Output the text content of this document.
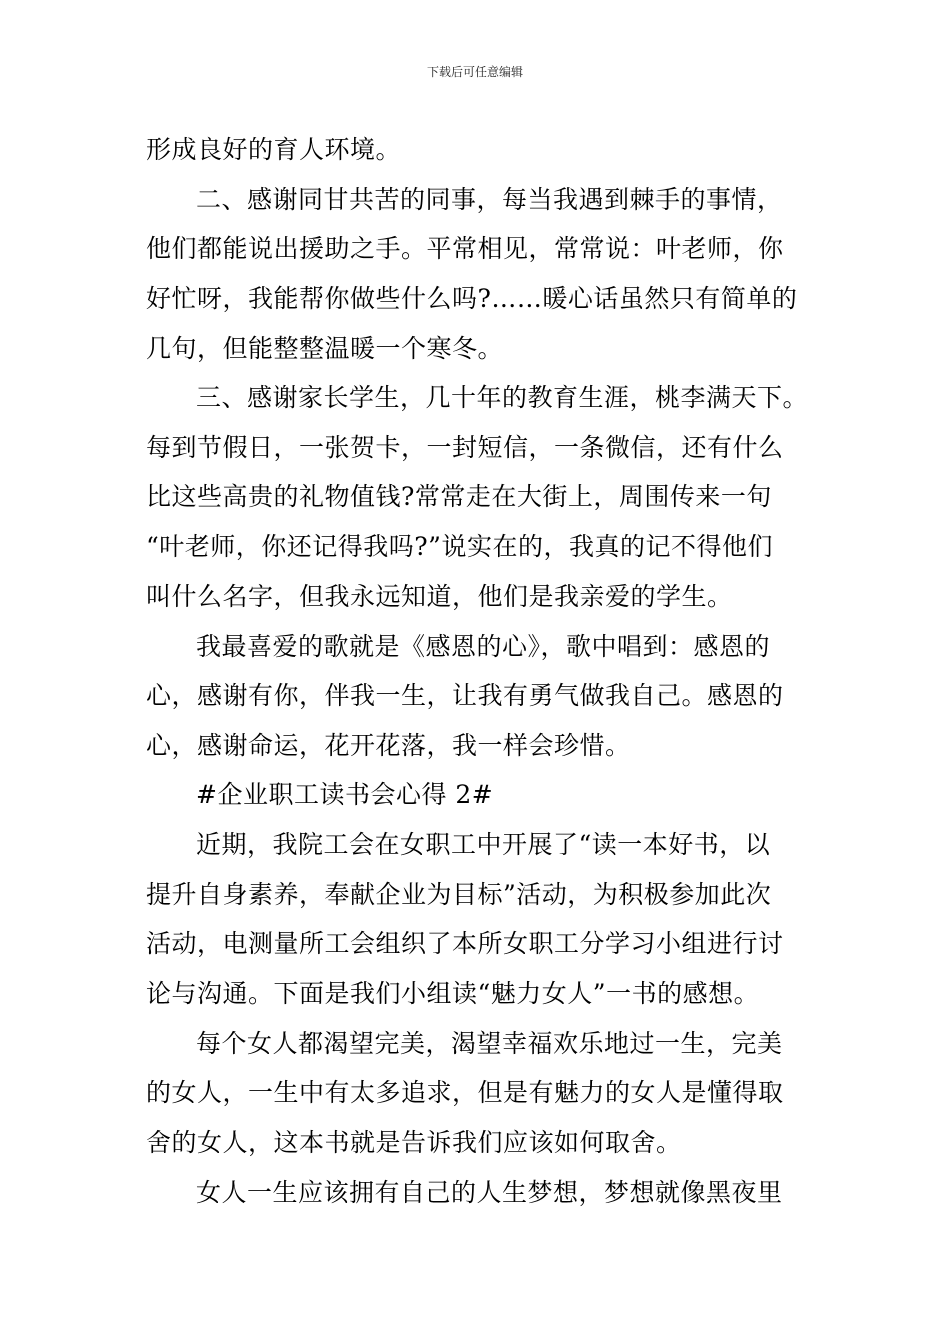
下载后可任意编辑
形成良好的育人环境。
二、感谢同甘共苦的同事，每当我遇到棘手的事情，
他们都能说出援助之手。平常相见，常常说：叶老师，你
好忙呀，我能帮你做些什么吗?……暖心话虽然只有简单的
几句，但能整整温暖一个寒冬。
三、感谢家长学生，几十年的教育生涯，桃李满天下。
每到节假日，一张贺卡，一封短信，一条微信，还有什么
比这些高贵的礼物值钱?常常走在大街上，周围传来一句
“叶老师，你还记得我吗?”说实在的，我真的记不得他们
叫什么名字，但我永远知道，他们是我亲爱的学生。
我最喜爱的歌就是《感恩的心》，歌中唱到：感恩的
心，感谢有你，伴我一生，让我有勇气做我自己。感恩的
心，感谢命运，花开花落，我一样会珍惜。
#企业职工读书会心得 2#
近期，我院工会在女职工中开展了“读一本好书，以
提升自身素养，奉献企业为目标”活动，为积极参加此次
活动，电测量所工会组织了本所女职工分学习小组进行讨
论与沟通。下面是我们小组读“魅力女人”一书的感想。
每个女人都渴望完美，渴望幸福欢乐地过一生，完美
的女人，一生中有太多追求，但是有魅力的女人是懂得取
舍的女人，这本书就是告诉我们应该如何取舍。
女人一生应该拥有自己的人生梦想，梦想就像黑夜里
